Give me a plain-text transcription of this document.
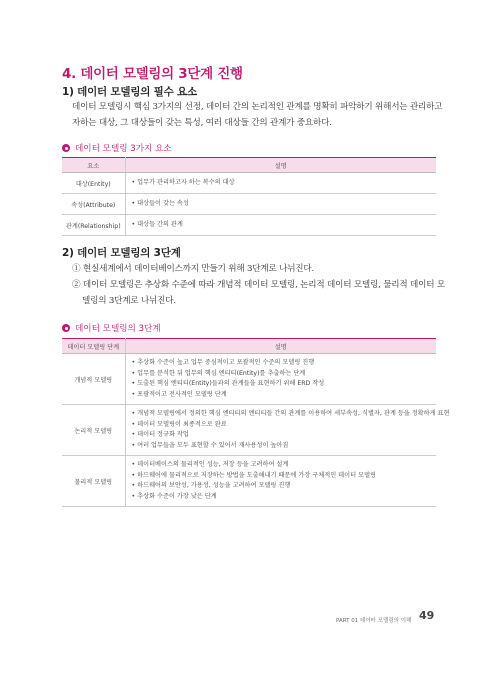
4. 데이터 모델링의 3단계 진행
1) 데이터 모델링의 필수 요소

데이터 모델링시 핵심 3가지의 선정, 데이터 간의 논리적인 관계를 명확히 파악하기 위해서는 관리하고

자하는 대상, 그 대상들이 갖는 특성, 여러 대상들 간의 관계가 중요하다.

데이터 모델링 3가지 요소
요소	설명
대상(Entity)	• 업무가 관리하고자 하는 복수의 대상

속성(Attribute)	• 대상들이 갖는 속성

관계(Relationship)	• 대상들 간의 관계
2) 데이터 모델링의 3단계

① 현실세계에서 데이터베이스까지 만들기 위해 3단계로 나뉘진다.

② 데이터 모델링은 추상화 수준에 따라 개념적 데이터 모델링, 논리적 데이터 모델링, 물리적 데이터 모

델링의 3단계로 나뉘진다.

데이터 모델링의 3단계
데이터 모델링 단계	설명
개념적 모델링	• 추상화 수준이 높고 업무 중심적이고 포괄적인 수준의 모델링 진행
• 업무를 분석한 뒤 업무의 핵심 엔티티(Entity)를 추출하는 단계
• 도출된 핵심 엔티티(Entity)들과의 관계들을 표현하기 위해 ERD 작성
• 포괄적이고 전사적인 모델링 단계

논리적 모델링	• 개념적 모델링에서 정의한 핵심 엔티티의 엔티티들 간의 관계를 이용하여 세부속성, 식별자, 관계 등을 정확하게 표현
• 데이터 모델링이 최종적으로 완료
• 데이터 정규화 작업
• 여러 업무들을 모두 표현할 수 있어서 재사용성이 높아짐

물리적 모델링	• 데이터베이스의 물리적인 성능, 저장 등을 고려하여 설계
• 하드웨어에 물리적으로 저장하는 방법을 도출해내기 때문에 가장 구체적인 데이터 모델링
• 하드웨어의 보안성, 가용성, 성능을 고려하여 모델링 진행
• 추상화 수준이 가장 낮은 단계
PART 01 데이터 모델링의 이해 49
